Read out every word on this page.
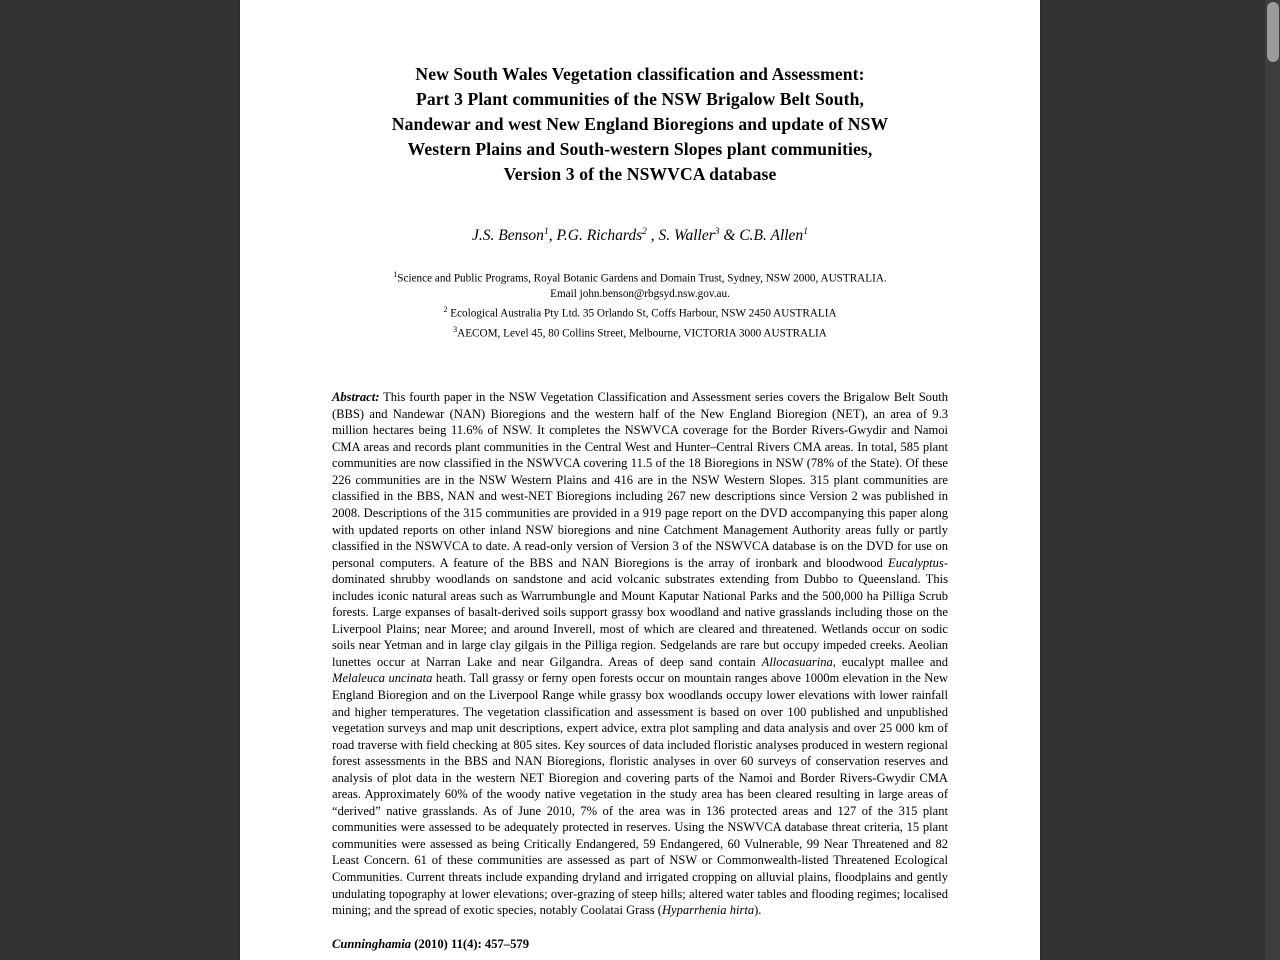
New South Wales Vegetation classification and Assessment:
Part 3 Plant communities of the NSW Brigalow Belt South,
Nandewar and west New England Bioregions and update of NSW
Western Plains and South-western Slopes plant communities,
Version 3 of the NSWVCA database
J.S. Benson$^1$, P.G. Richards$^2$ , S. Waller$^3$ & C.B. Allen$^1$
$^1$Science and Public Programs, Royal Botanic Gardens and Domain Trust, Sydney, NSW 2000, AUSTRALIA.
Email john.benson@rbgsyd.nsw.gov.au.
$^2$ Ecological Australia Pty Ltd. 35 Orlando St, Coffs Harbour, NSW 2450 AUSTRALIA
$^3$AECOM, Level 45, 80 Collins Street, Melbourne, VICTORIA 3000 AUSTRALIA

Abstract: This fourth paper in the NSW Vegetation Classification and Assessment series covers the Brigalow Belt South (BBS) and Nandewar (NAN) Bioregions and the western half of the New England Bioregion (NET), an area of 9.3 million hectares being 11.6% of NSW. It completes the NSWVCA coverage for the Border Rivers-Gwydir and Namoi CMA areas and records plant communities in the Central West and Hunter–Central Rivers CMA areas. In total, 585 plant communities are now classified in the NSWVCA covering 11.5 of the 18 Bioregions in NSW (78% of the State). Of these 226 communities are in the NSW Western Plains and 416 are in the NSW Western Slopes. 315 plant communities are classified in the BBS, NAN and west-NET Bioregions including 267 new descriptions since Version 2 was published in 2008. Descriptions of the 315 communities are provided in a 919 page report on the DVD accompanying this paper along with updated reports on other inland NSW bioregions and nine Catchment Management Authority areas fully or partly classified in the NSWVCA to date. A read-only version of Version 3 of the NSWVCA database is on the DVD for use on personal computers. A feature of the BBS and NAN Bioregions is the array of ironbark and bloodwood Eucalyptus-dominated shrubby woodlands on sandstone and acid volcanic substrates extending from Dubbo to Queensland. This includes iconic natural areas such as Warrumbungle and Mount Kaputar National Parks and the 500,000 ha Pilliga Scrub forests. Large expanses of basalt-derived soils support grassy box woodland and native grasslands including those on the Liverpool Plains; near Moree; and around Inverell, most of which are cleared and threatened. Wetlands occur on sodic soils near Yetman and in large clay gilgais in the Pilliga region. Sedgelands are rare but occupy impeded creeks. Aeolian lunettes occur at Narran Lake and near Gilgandra. Areas of deep sand contain Allocasuarina, eucalypt mallee and Melaleuca uncinata heath. Tall grassy or ferny open forests occur on mountain ranges above 1000m elevation in the New England Bioregion and on the Liverpool Range while grassy box woodlands occupy lower elevations with lower rainfall and higher temperatures. The vegetation classification and assessment is based on over 100 published and unpublished vegetation surveys and map unit descriptions, expert advice, extra plot sampling and data analysis and over 25 000 km of road traverse with field checking at 805 sites. Key sources of data included floristic analyses produced in western regional forest assessments in the BBS and NAN Bioregions, floristic analyses in over 60 surveys of conservation reserves and analysis of plot data in the western NET Bioregion and covering parts of the Namoi and Border Rivers-Gwydir CMA areas. Approximately 60% of the woody native vegetation in the study area has been cleared resulting in large areas of “derived” native grasslands. As of June 2010, 7% of the area was in 136 protected areas and 127 of the 315 plant communities were assessed to be adequately protected in reserves. Using the NSWVCA database threat criteria, 15 plant communities were assessed as being Critically Endangered, 59 Endangered, 60 Vulnerable, 99 Near Threatened and 82 Least Concern. 61 of these communities are assessed as part of NSW or Commonwealth-listed Threatened Ecological Communities. Current threats include expanding dryland and irrigated cropping on alluvial plains, floodplains and gently undulating topography at lower elevations; over-grazing of steep hills; altered water tables and flooding regimes; localised mining; and the spread of exotic species, notably Coolatai Grass (Hyparrhenia hirta).

Cunninghamia (2010) 11(4): 457–579
